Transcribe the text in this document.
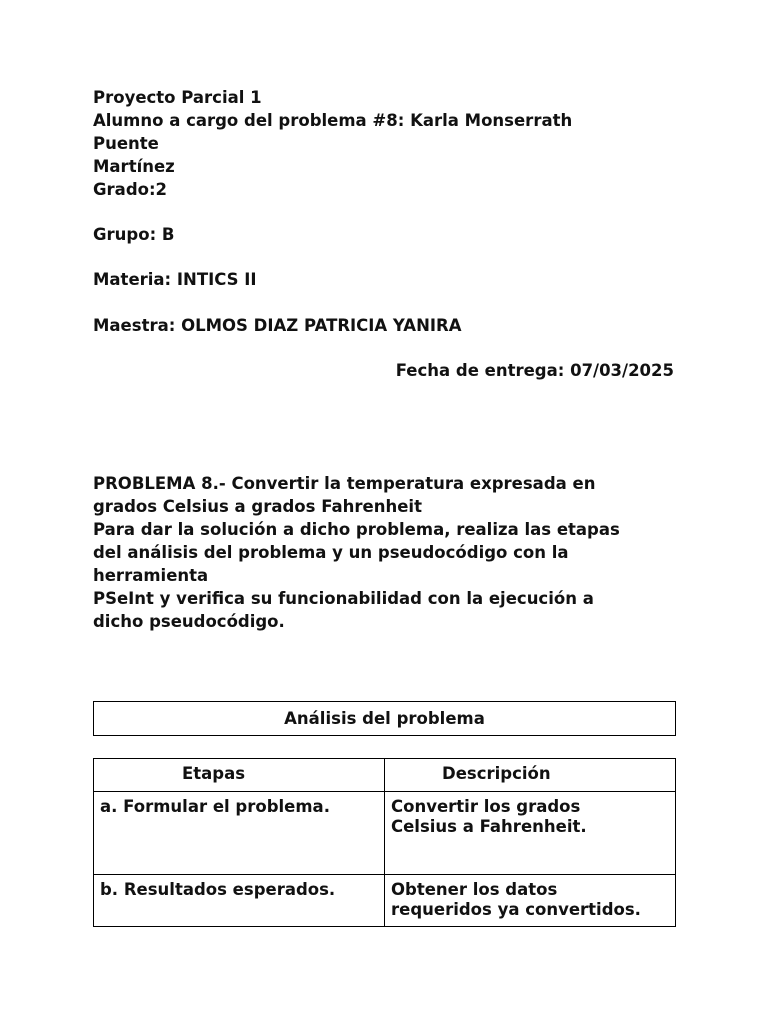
Proyecto Parcial 1
Alumno a cargo del problema #8: Karla Monserrath
Puente
Martínez
Grado:2
Grupo: B
Materia: INTICS II
Maestra: OLMOS DIAZ PATRICIA YANIRA
Fecha de entrega: 07/03/2025
PROBLEMA 8.- Convertir la temperatura expresada en
grados Celsius a grados Fahrenheit
Para dar la solución a dicho problema, realiza las etapas
del análisis del problema y un pseudocódigo con la
herramienta
PSeInt y verifica su funcionabilidad con la ejecución a
dicho pseudocódigo.
Análisis del problema
Etapas	Descripción
a. Formular el problema.	Convertir los grados
Celsius a Fahrenheit.

b. Resultados esperados.	Obtener los datos
requeridos ya convertidos.
